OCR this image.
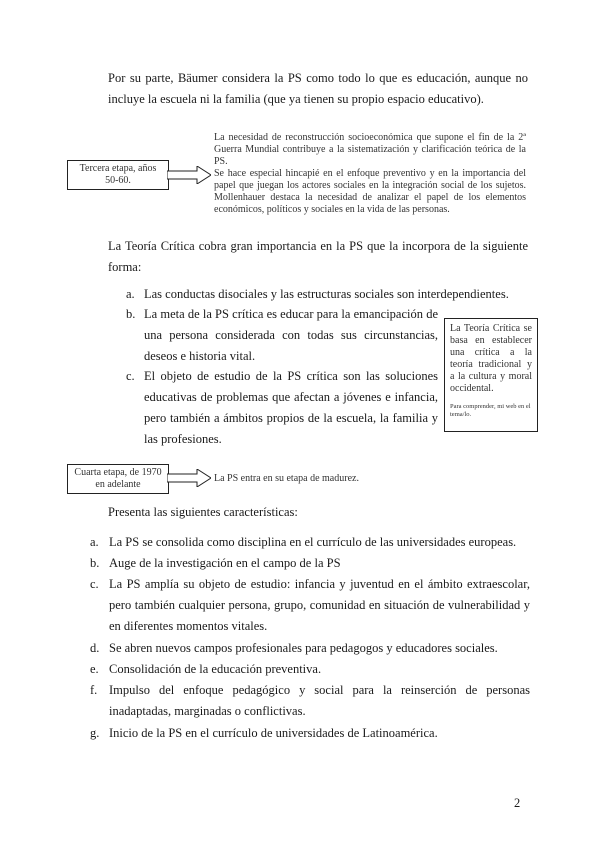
Por su parte, Bäumer considera la PS como todo lo que es educación, aunque no incluye la escuela ni la familia (que ya tienen su propio espacio educativo).
Tercera etapa, años 50-60.
La necesidad de reconstrucción socioeconómica que supone el fin de la 2ª Guerra Mundial contribuye a la sistematización y clarificación teórica de la PS.
Se hace especial hincapié en el enfoque preventivo y en la importancia del papel que juegan los actores sociales en la integración social de los sujetos. Mollenhauer destaca la necesidad de analizar el papel de los elementos económicos, políticos y sociales en la vida de las personas.
La Teoría Crítica cobra gran importancia en la PS que la incorpora de la siguiente forma:
a. Las conductas disociales y las estructuras sociales son interdependientes.
b. La meta de la PS crítica es educar para la emancipación de una persona considerada con todas sus circunstancias, deseos e historia vital.
c. El objeto de estudio de la PS crítica son las soluciones educativas de problemas que afectan a jóvenes e infancia, pero también a ámbitos propios de la escuela, la familia y las profesiones.
La Teoría Crítica se basa en establecer una crítica a la teoría tradicional y a la cultura y moral occidental.
Para comprender, mi web en el tema/lo.
Cuarta etapa, de 1970 en adelante
La PS entra en su etapa de madurez.
Presenta las siguientes características:
a. La PS se consolida como disciplina en el currículo de las universidades europeas.
b. Auge de la investigación en el campo de la PS
c. La PS amplía su objeto de estudio: infancia y juventud en el ámbito extraescolar, pero también cualquier persona, grupo, comunidad en situación de vulnerabilidad y en diferentes momentos vitales.
d. Se abren nuevos campos profesionales para pedagogos y educadores sociales.
e. Consolidación de la educación preventiva.
f. Impulso del enfoque pedagógico y social para la reinserción de personas inadaptadas, marginadas o conflictivas.
g. Inicio de la PS en el currículo de universidades de Latinoamérica.
2
